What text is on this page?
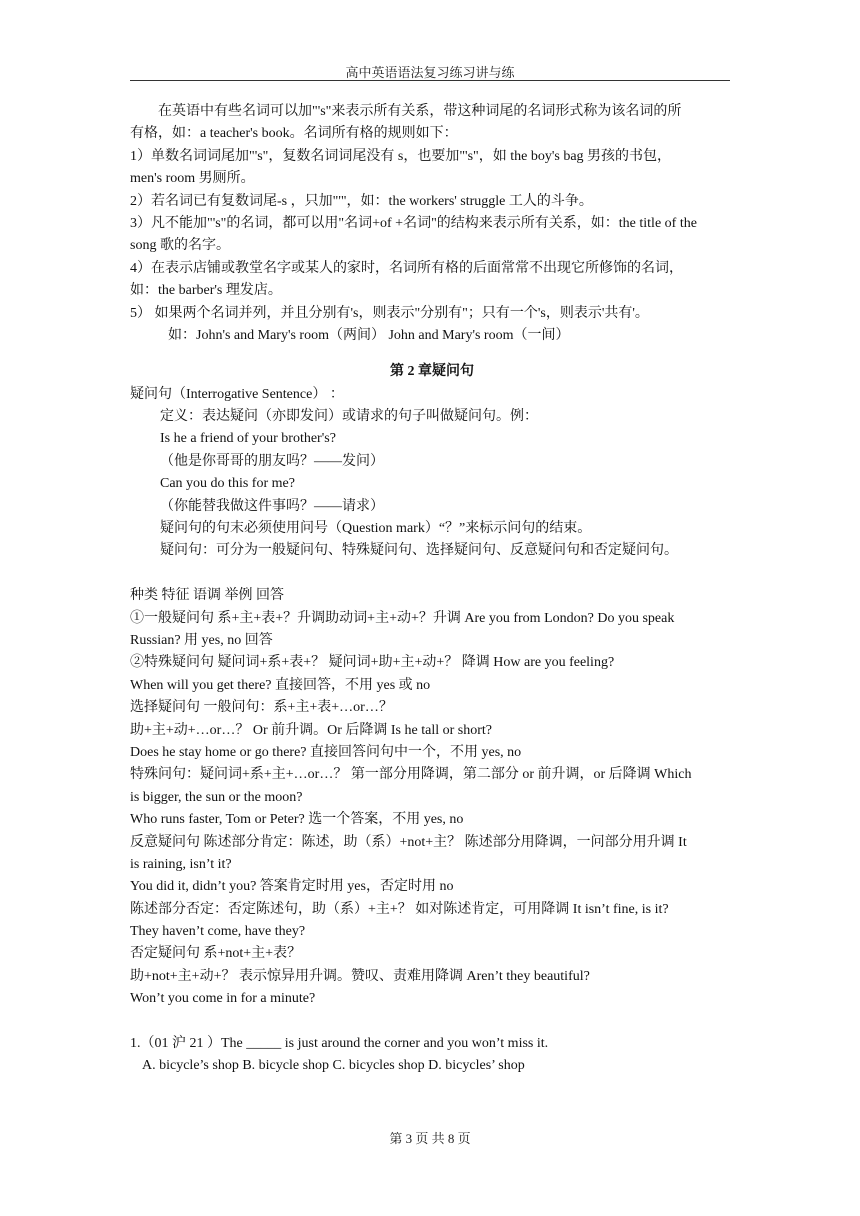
高中英语语法复习练习讲与练
在英语中有些名词可以加"'s"来表示所有关系，带这种词尾的名词形式称为该名词的所
有格，如：a teacher's book。名词所有格的规则如下：
1）单数名词词尾加"'s"，复数名词词尾没有 s，也要加"'s"，如 the boy's bag 男孩的书包，
men's room 男厕所。
2）若名词已有复数词尾-s ，只加"'"，如：the workers' struggle 工人的斗争。
3）凡不能加"'s"的名词，都可以用"名词+of +名词"的结构来表示所有关系，如：the title of the
song 歌的名字。
4）在表示店铺或教堂名字或某人的家时，名词所有格的后面常常不出现它所修饰的名词，
如：the barber's 理发店。
5） 如果两个名词并列，并且分别有's，则表示"分别有"；只有一个's，则表示'共有'。
如：John's and Mary's room（两间） John and Mary's room（一间）
第 2 章疑问句
疑问句（Interrogative Sentence） ：
定义：表达疑问（亦即发问）或请求的句子叫做疑问句。例：
Is he a friend of your brother's?
（他是你哥哥的朋友吗？——发问）
Can you do this for me?
（你能替我做这件事吗？——请求）
疑问句的句末必须使用问号（Question mark）“？”来标示问句的结束。
疑问句：可分为一般疑问句、特殊疑问句、选择疑问句、反意疑问句和否定疑问句。
种类 特征 语调 举例 回答
①一般疑问句 系+主+表+？升调助动词+主+动+？升调 Are you from London? Do you speak
Russian? 用 yes, no 回答
②特殊疑问句 疑问词+系+表+？ 疑问词+助+主+动+？ 降调 How are you feeling?
When will you get there? 直接回答，不用 yes 或 no
选择疑问句 一般问句：系+主+表+…or…？
助+主+动+…or…？ Or 前升调。Or 后降调 Is he tall or short?
Does he stay home or go there? 直接回答问句中一个，不用 yes, no
特殊问句：疑问词+系+主+…or…？ 第一部分用降调，第二部分 or 前升调，or 后降调 Which
is bigger, the sun or the moon?
Who runs faster, Tom or Peter? 选一个答案，不用 yes, no
反意疑问句 陈述部分肯定：陈述，助（系）+not+主？ 陈述部分用降调，一问部分用升调 It
is raining, isn’t it?
You did it, didn’t you? 答案肯定时用 yes，否定时用 no
陈述部分否定：否定陈述句，助（系）+主+？ 如对陈述肯定，可用降调 It isn’t fine, is it?
They haven’t come, have they?
否定疑问句 系+not+主+表？
助+not+主+动+？ 表示惊异用升调。赞叹、责难用降调 Aren’t they beautiful?
Won’t you come in for a minute?
1.（01 沪 21 ）The _____ is just around the corner and you won’t miss it.
A. bicycle’s shop B. bicycle shop C. bicycles shop D. bicycles’ shop
第 3 页 共 8 页
